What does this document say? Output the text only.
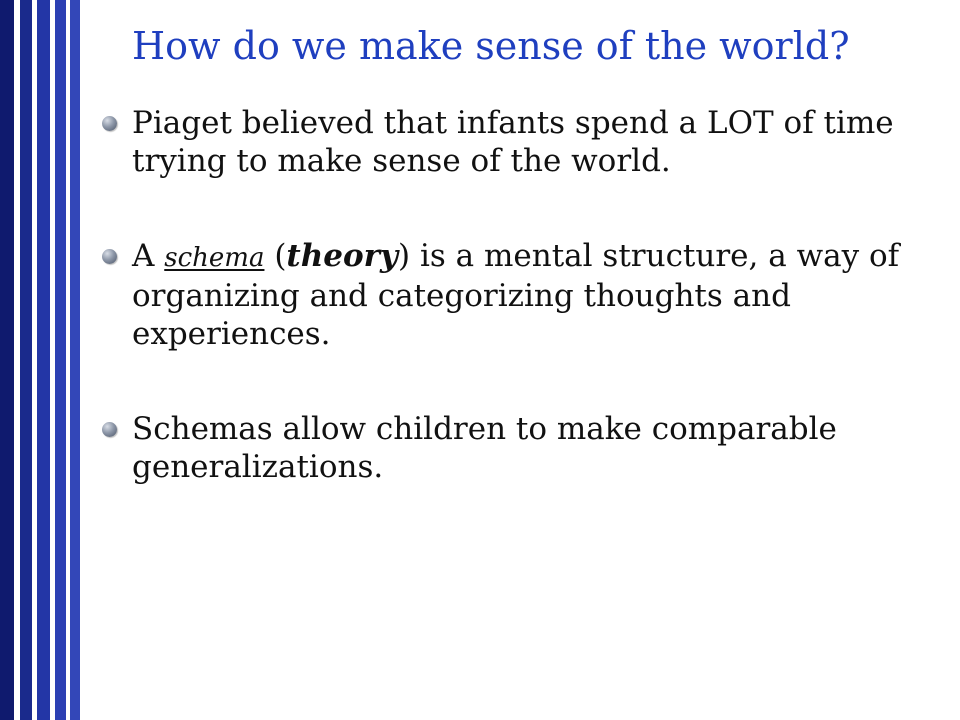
How do we make sense of the world?
Piaget believed that infants spend a LOT of time trying to make sense of the world.
A schema (theory) is a mental structure, a way of organizing and categorizing thoughts and experiences.
Schemas allow children to make comparable generalizations.
